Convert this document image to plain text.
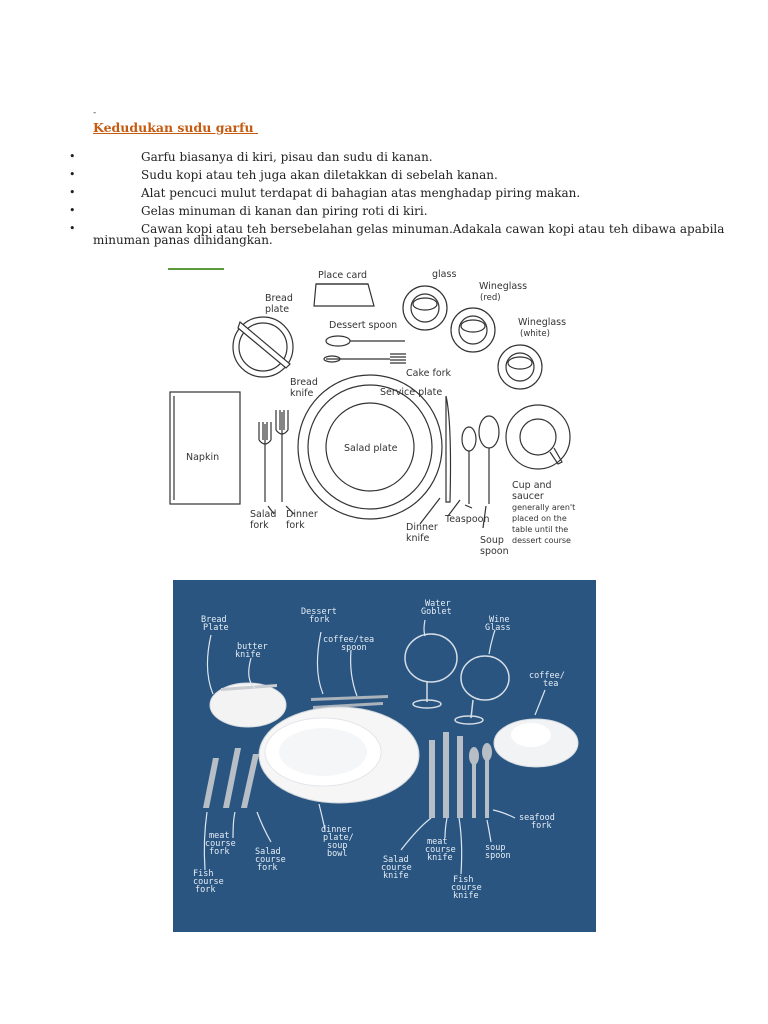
-
Kedudukan sudu garfu
•	Garfu biasanya di kiri, pisau dan sudu di kanan.
•	Sudu kopi atau teh juga akan diletakkan di sebelah kanan.
•	Alat pencuci mulut terdapat di bahagian atas menghadap piring makan.
•	Gelas minuman di kanan dan piring roti di kiri.
•	Cawan kopi atau teh bersebelahan gelas minuman.Adakala cawan kopi atau teh dibawa apabila
minuman panas dihidangkan.
Place card	glass
Bread
plate
Wineglass
(red)
Dessert spoon	Wineglass
(white)
Cake fork
Bread
knife	Service plate
Napkin
Salad plate
Cup and
saucer
generally aren't
placed on the
table until the
dessert course
Salad
fork
Dinner
fork	Dinner
knife
Teaspoon
Soup
spoon
Bread
Plate
butter
knife
Dessert
fork
coffee/tea
spoon
Water
Goblet
Wine
Glass
coffee/
tea
meat
course
fork	Salad
course
fork
Fish
course
fork
dinner
plate/
soup
bowl
Salad
course
knife
meat
course
knife
Fish
course
knife
soup
spoon
seafood
fork
